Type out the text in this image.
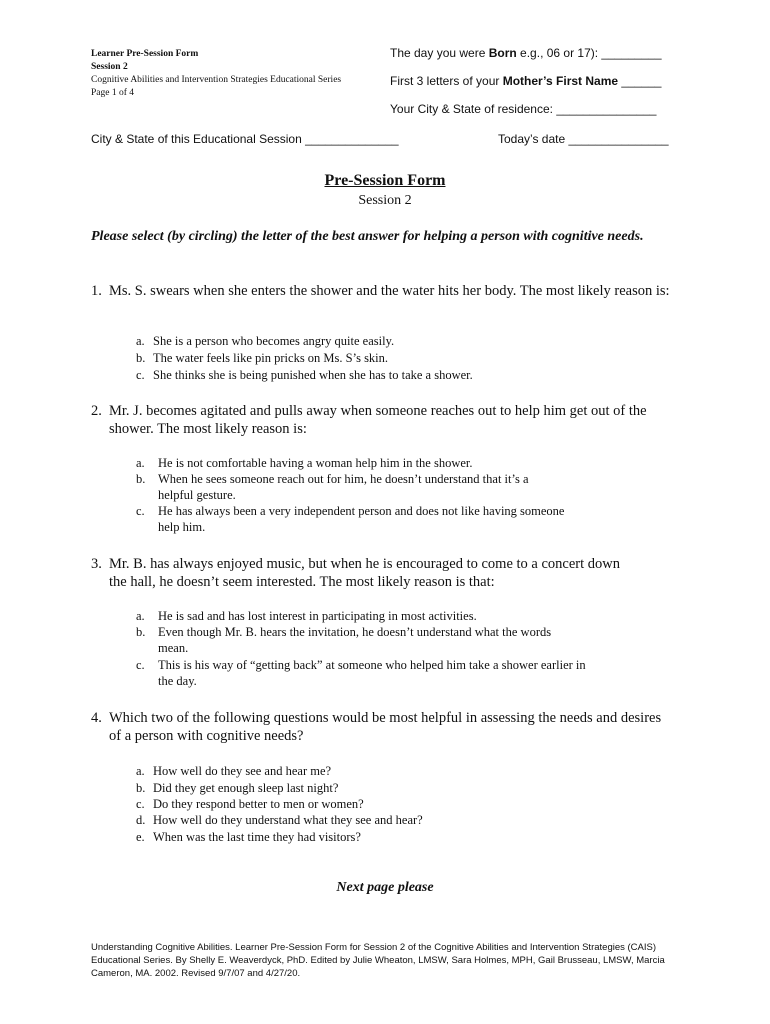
Learner Pre-Session Form
Session 2
Cognitive Abilities and Intervention Strategies Educational Series
Page 1 of 4
The day you were Born e.g., 06 or 17): _________
First 3 letters of your Mother’s First Name ______
Your City & State of residence: _______________
City & State of this Educational Session ______________	Today’s date _______________
Pre-Session Form
Session 2
Please select (by circling) the letter of the best answer for helping a person with cognitive needs.
1. Ms. S. swears when she enters the shower and the water hits her body. The most likely reason is:
a. She is a person who becomes angry quite easily.
b. The water feels like pin pricks on Ms. S’s skin.
c. She thinks she is being punished when she has to take a shower.
2. Mr. J. becomes agitated and pulls away when someone reaches out to help him get out of the shower. The most likely reason is:
a. He is not comfortable having a woman help him in the shower.
b. When he sees someone reach out for him, he doesn’t understand that it’s a helpful gesture.
c. He has always been a very independent person and does not like having someone help him.
3. Mr. B. has always enjoyed music, but when he is encouraged to come to a concert down the hall, he doesn’t seem interested. The most likely reason is that:
a. He is sad and has lost interest in participating in most activities.
b. Even though Mr. B. hears the invitation, he doesn’t understand what the words mean.
c. This is his way of “getting back” at someone who helped him take a shower earlier in the day.
4. Which two of the following questions would be most helpful in assessing the needs and desires of a person with cognitive needs?
a. How well do they see and hear me?
b. Did they get enough sleep last night?
c. Do they respond better to men or women?
d. How well do they understand what they see and hear?
e. When was the last time they had visitors?
Next page please
Understanding Cognitive Abilities. Learner Pre-Session Form for Session 2 of the Cognitive Abilities and Intervention Strategies (CAIS) Educational Series. By Shelly E. Weaverdyck, PhD. Edited by Julie Wheaton, LMSW, Sara Holmes, MPH, Gail Brusseau, LMSW, Marcia Cameron, MA. 2002. Revised 9/7/07 and 4/27/20.
